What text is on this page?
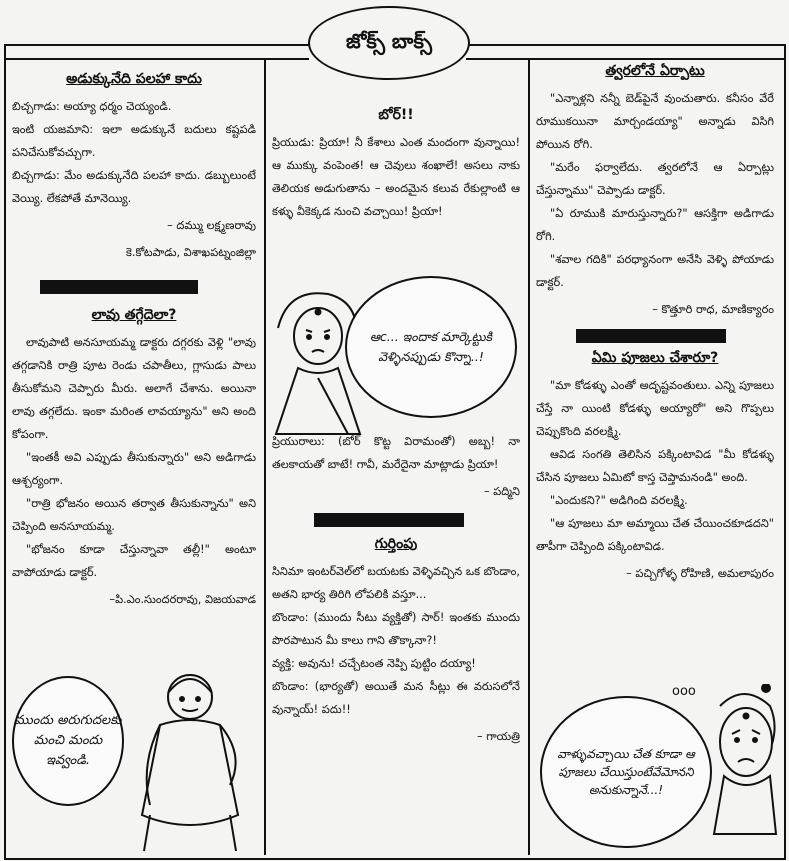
జోక్స్ బాక్స్
అడుక్కునేది పలహా కాదు

బిచ్చగాడు: అయ్యా ధర్మం చెయ్యండి.

ఇంటి యజమాని: ఇలా అడుక్కునే బదులు కష్టపడి పనిచేసుకోవచ్చుగా.

బిచ్చగాడు: మేం అడుక్కునేది పలహా కాదు. డబ్బులుంటే వెయ్యి. లేకపోతే మానెయ్యి.

– దమ్ము లక్ష్మణరావు
కె.కోటపాడు, విశాఖపట్నంజిల్లా
లావు తగ్గేదెలా?

లావుపాటి అనసూయమ్మ డాక్టరు దగ్గరకు వెళ్లి "లావు తగ్గడానికి రాత్రి పూట రెండు చపాతీలు, గ్లాసుడు పాలు తీసుకోమని చెప్పారు మీరు. అలాగే చేశాను. అయినా లావు తగ్గలేదు. ఇంకా మరింత లావయ్యాను" అని అంది కోపంగా.

"ఇంతకీ అవి ఎప్పుడు తీసుకున్నారు" అని అడిగాడు ఆశ్చర్యంగా.

"రాత్రి భోజనం అయిన తర్వాత తీసుకున్నాను" అని చెప్పింది అనసూయమ్మ.

"భోజనం కూడా చేస్తున్నావా తల్లీ!" అంటూ వాపోయాడు డాక్టర్.

–పి.ఎం.సుందరరావు, విజయవాడ
ముందు అరుగుదలకు మంచి మందు ఇవ్వండి.
బోర్!!

ప్రియుడు: ప్రియా! నీ కేశాలు ఎంత మందంగా వున్నాయి! ఆ ముక్కు వంపెంత! ఆ చెవులు శంఖాలే! అసలు నాకు తెలియక అడుగుతాను – అందమైన కలువ రేకుల్లాంటి ఆ కళ్ళు వీకెక్కడ నుంచి వచ్చాయి! ప్రియా!

ఆc... ఇందాక మార్కెట్టుకి వెళ్ళినప్పుడు కొన్నా..!

ప్రియురాలు: (బోర్ కొట్ట విరామంతో) అబ్బ! నా తలకాయతో బాటే! గావీ, మరేదైనా మాట్లాడు ప్రియా!

– పద్మిని
గుర్తింపు

సినిమా ఇంటర్‌వెల్‌లో బయటకు వెళ్ళివచ్చిన ఒక బొండాం, అతని భార్య తిరిగి లోపలికి వస్తూ...

బొండాం: (ముందు సీటు వ్యక్తితో) సార్! ఇంతకు ముందు పొరపాటున మీ కాలు గాని తొక్కానా?!

వ్యక్తి: అవును! చచ్చేటంత నెప్పి పుట్టిం దయ్యా!

బొండాం: (భార్యతో) అయితే మన సీట్లు ఈ వరుసలోనే వున్నాయ్! పదు!!

– గాయత్రి
త్వరలోనే ఏర్పాటు

"ఎన్నాళ్లని నన్నీ బెడ్‌పైనే వుంచుతారు. కనీసం వేరే రూముకయినా మార్చండయ్యా" అన్నాడు విసిగి పోయిన రోగి.

"మరేం ఫర్వాలేదు. త్వరలోనే ఆ ఏర్పాట్లు చేస్తున్నాము" చెప్పాడు డాక్టర్.

"ఏ రూముకి మారుస్తున్నారు?" ఆసక్తిగా అడిగాడు రోగి.

"శవాల గదికి" పరధ్యానంగా అనేసి వెళ్ళి పోయాడు డాక్టర్.

– కొత్తూరి రాధ, మాణిక్యారం
ఏమి పూజలు చేశారూ?

"మా కోడళ్ళు ఎంతో అదృష్టవంతులు. ఎన్ని పూజలు చేస్తే నా యింటి కోడళ్ళు అయ్యారో" అని గొప్పలు చెప్పుకొంది వరలక్ష్మి.

ఆవిడ సంగతి తెలిసిన పక్కింటావిడ "మీ కోడళ్ళు చేసిన పూజలు ఏమిటో కాస్త చెప్తామనండి" అంది.

"ఎందుకని?" అడిగింది వరలక్ష్మి.

"ఆ పూజలు మా అమ్మాయి చేత చేయించకూడదని" తాపీగా చెప్పింది పక్కింటావిడ.

– పచ్చిగోళ్ళ రోహిణి, అమలాపురం
వాళ్ళువచ్చాయి చేత కూడా ఆ పూజలు చేయిస్తుంటేవేమోనని అనుకున్నానే...!
ooo
